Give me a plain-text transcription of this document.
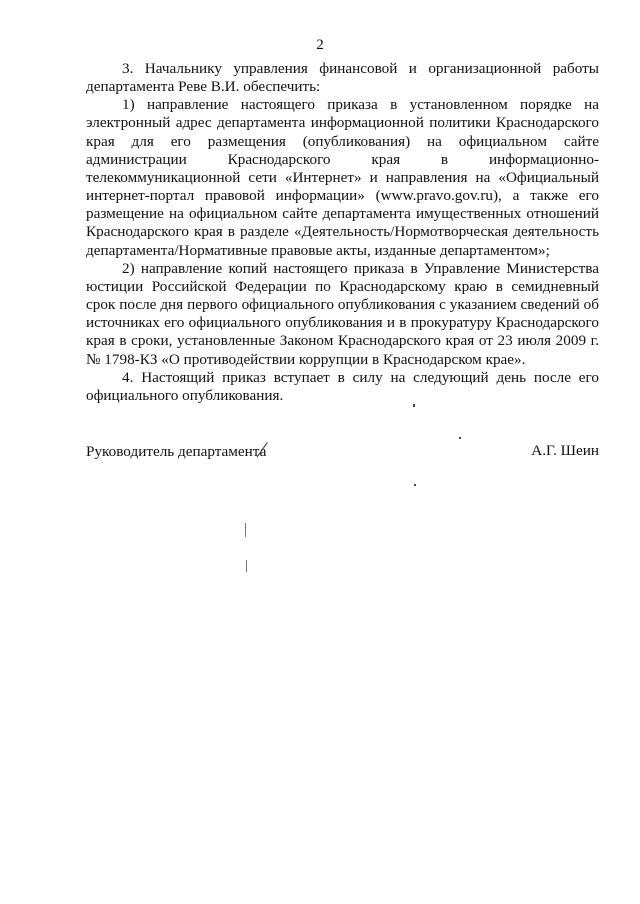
2

3. Начальнику управления финансовой и организационной работы департамента Реве В.И. обеспечить:

1) направление настоящего приказа в установленном порядке на электронный адрес департамента информационной политики Краснодарского края для его размещения (опубликования) на официальном сайте администрации Краснодарского края в информационно-телекоммуникационной сети «Интернет» и направления на «Официальный интернет-портал правовой информации» (www.pravo.gov.ru), а также его размещение на официальном сайте департамента имущественных отношений Краснодарского края в разделе «Деятельность/Нормотворческая деятельность департамента/Нормативные правовые акты, изданные департаментом»;

2) направление копий настоящего приказа в Управление Министерства юстиции Российской Федерации по Краснодарскому краю в семидневный срок после дня первого официального опубликования с указанием сведений об источниках его официального опубликования и в прокуратуру Краснодарского края в сроки, установленные Законом Краснодарского края от 23 июля 2009 г. № 1798-КЗ «О противодействии коррупции в Краснодарском крае».

4. Настоящий приказ вступает в силу на следующий день после его официального опубликования.

Руководитель департамента	А.Г. Шеин
